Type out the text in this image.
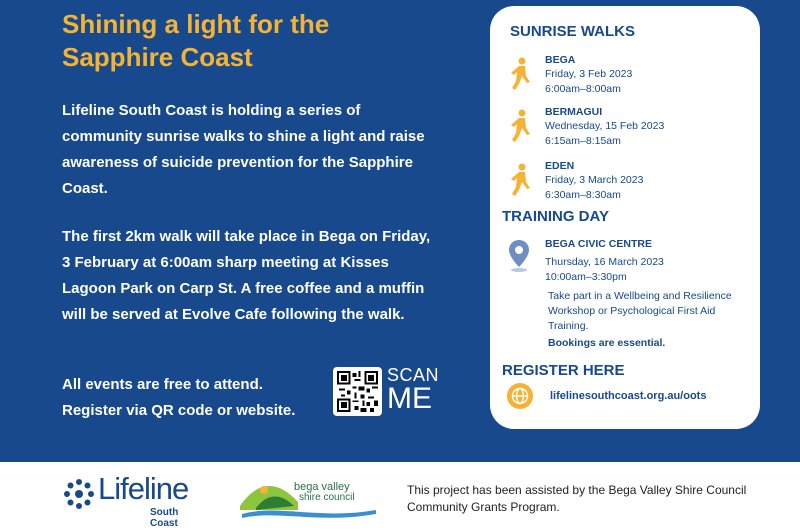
Shining a light for the
Sapphire Coast

Lifeline South Coast is holding a series of community sunrise walks to shine a light and raise awareness of suicide prevention for the Sapphire Coast.

The first 2km walk will take place in Bega on Friday, 3 February at 6:00am sharp meeting at Kisses Lagoon Park on Carp St. A free coffee and a muffin will be served at Evolve Cafe following the walk.

All events are free to attend.
Register via QR code or website.

SCAN
ME
SUNRISE WALKS
BEGA
Friday, 3 Feb 2023
6:00am–8:00am
BERMAGUI
Wednesday, 15 Feb 2023
6:15am–8:15am
EDEN
Friday, 3 March 2023
6:30am–8:30am
TRAINING DAY
BEGA CIVIC CENTRE
Thursday, 16 March 2023
10:00am–3:30pm

Take part in a Wellbeing and Resilience Workshop or Psychological First Aid Training.

Bookings are essential.

REGISTER HERE
lifelinesouthcoast.org.au/oots
Lifeline
South Coast
bega valley
shire council

This project has been assisted by the Bega Valley Shire Council Community Grants Program.
